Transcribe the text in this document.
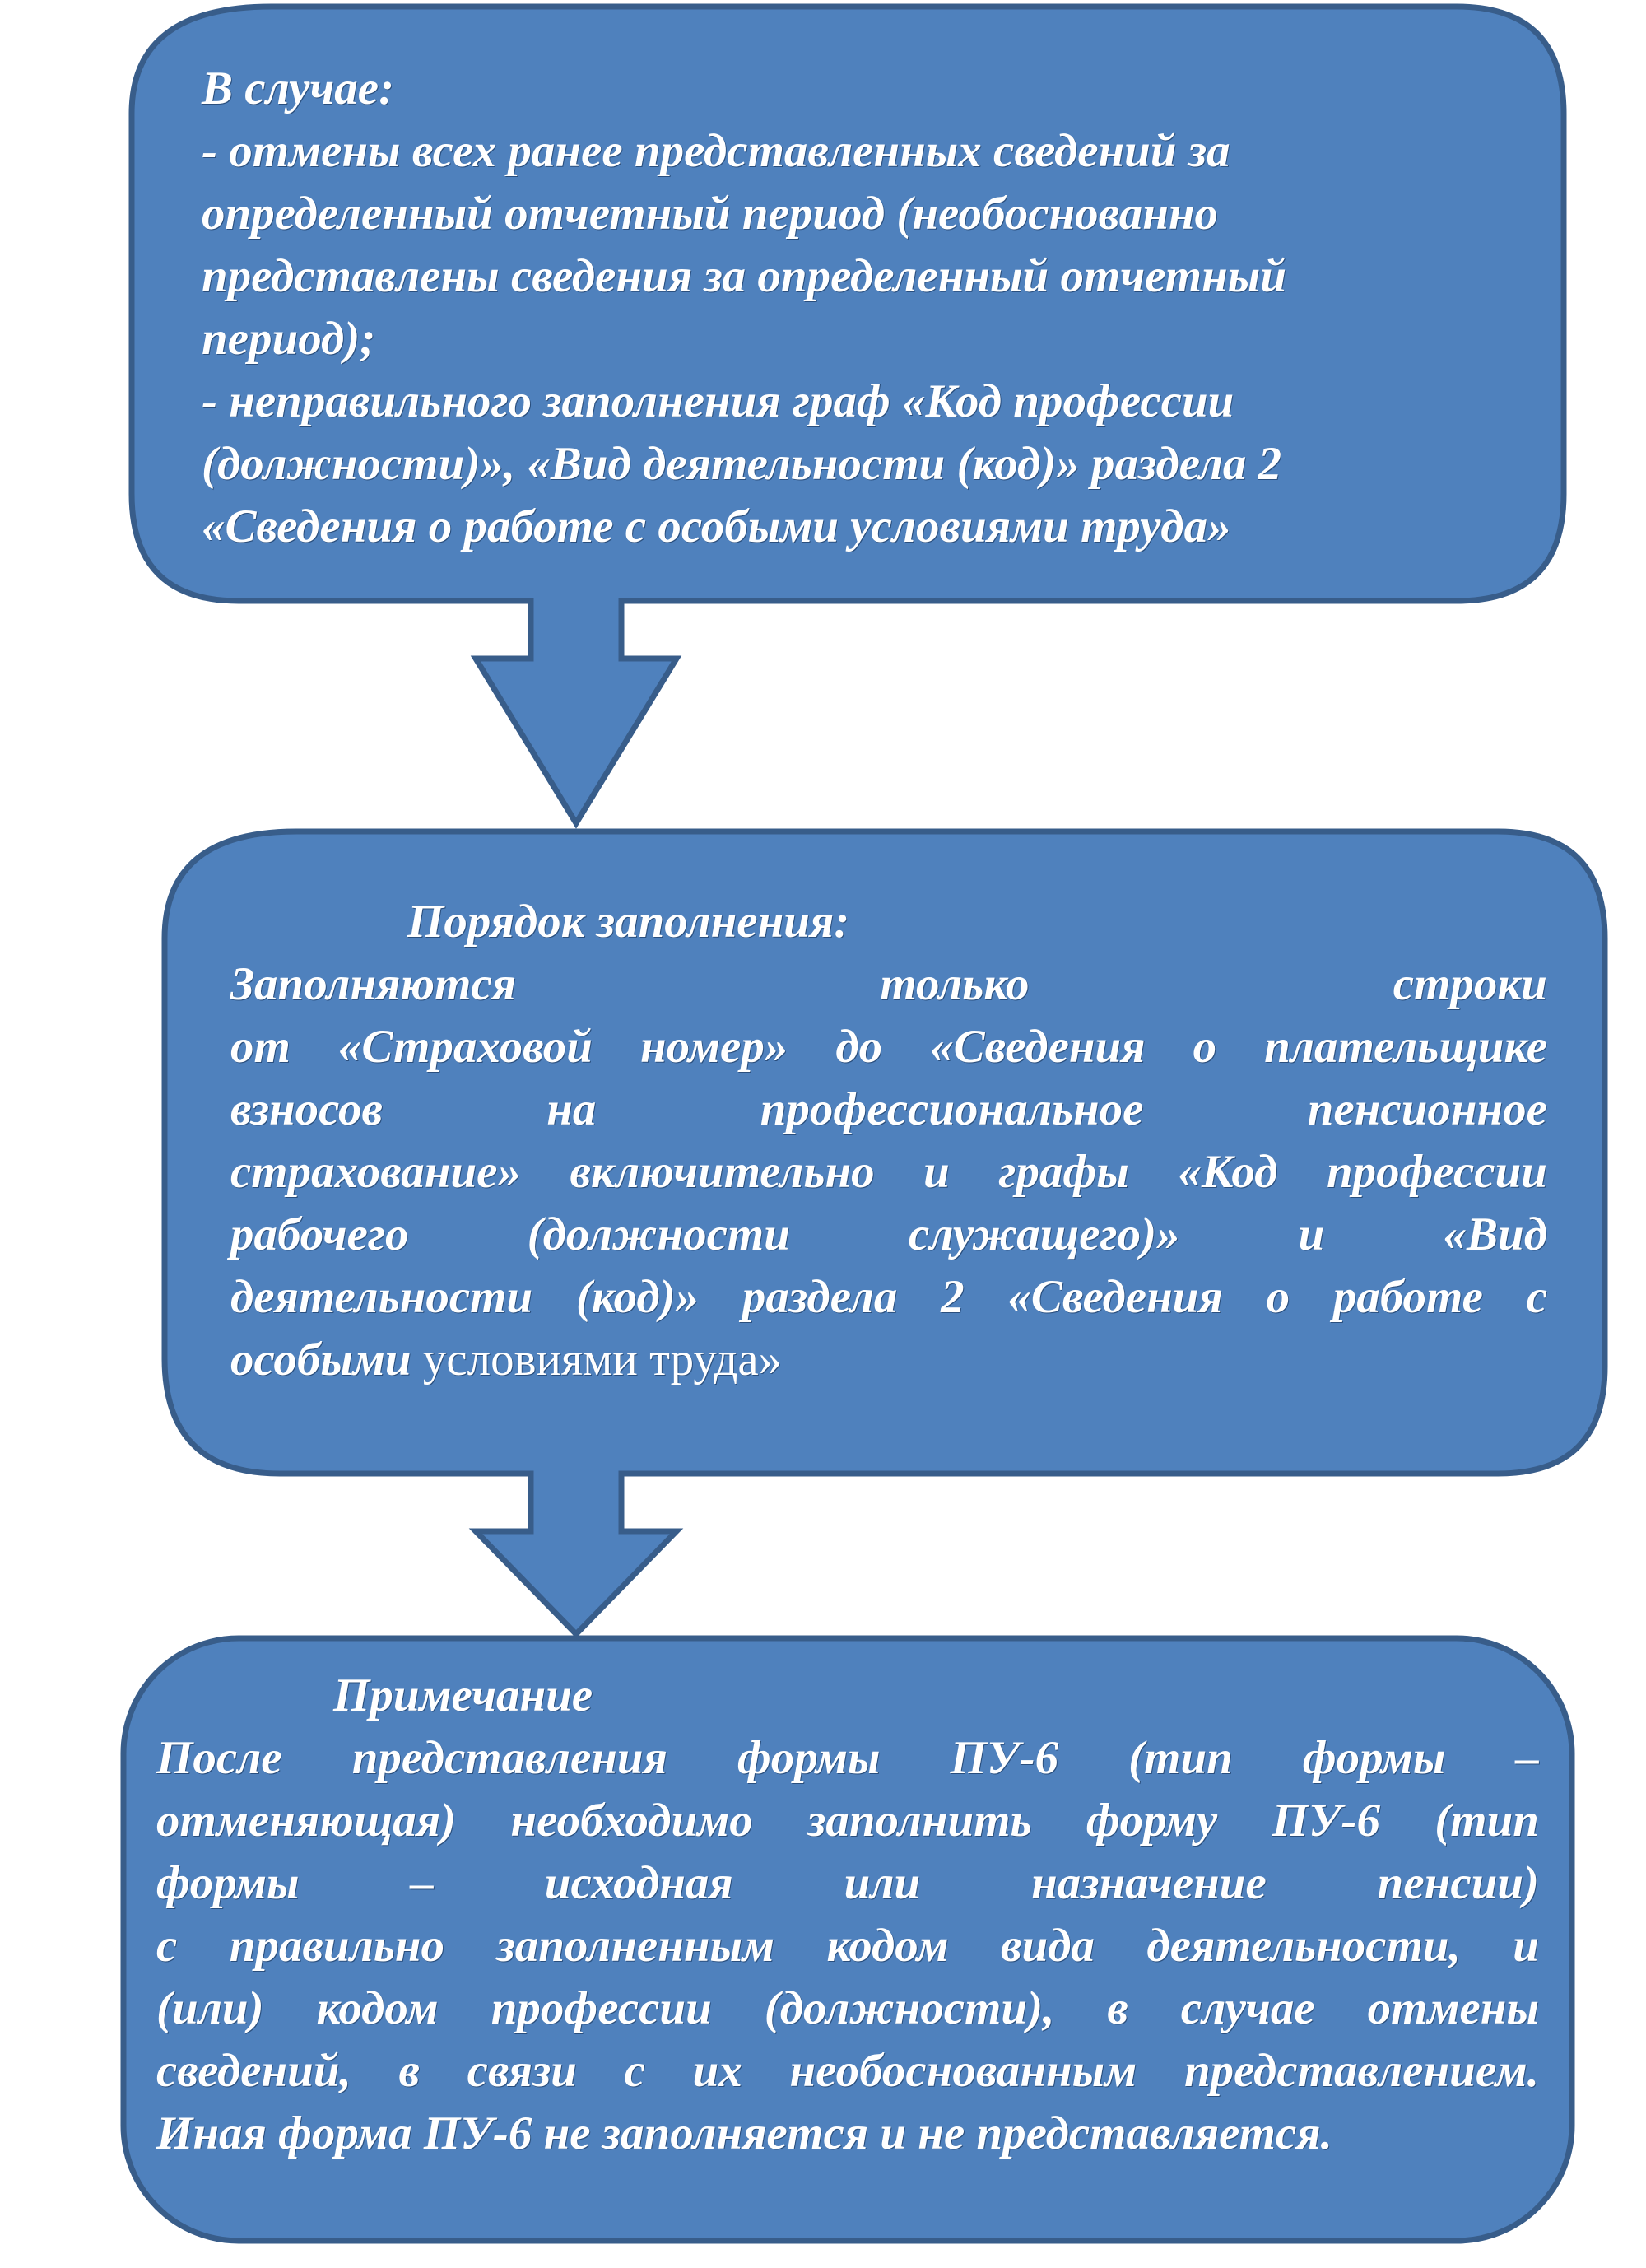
В случае:
- отмены всех ранее представленных сведений за
определенный отчетный период (необоснованно
представлены сведения за определенный отчетный
период);
- неправильного заполнения граф «Код профессии
(должности)», «Вид деятельности (код)» раздела 2
«Сведения о работе с особыми условиями труда»
Порядок заполнения:
Заполняются только строки
от «Страховой номер» до «Сведения о плательщике
взносов на профессиональное пенсионное
страхование» включительно и графы «Код профессии
рабочего (должности служащего)» и «Вид
деятельности (код)» раздела 2 «Сведения о работе с
особыми условиями труда»
Примечание
После представления формы ПУ-6 (тип формы –
отменяющая) необходимо заполнить форму ПУ-6 (тип
формы – исходная или назначение пенсии)
с правильно заполненным кодом вида деятельности, и
(или) кодом профессии (должности), в случае отмены
сведений, в связи с их необоснованным представлением.
Иная форма ПУ-6 не заполняется и не представляется.
